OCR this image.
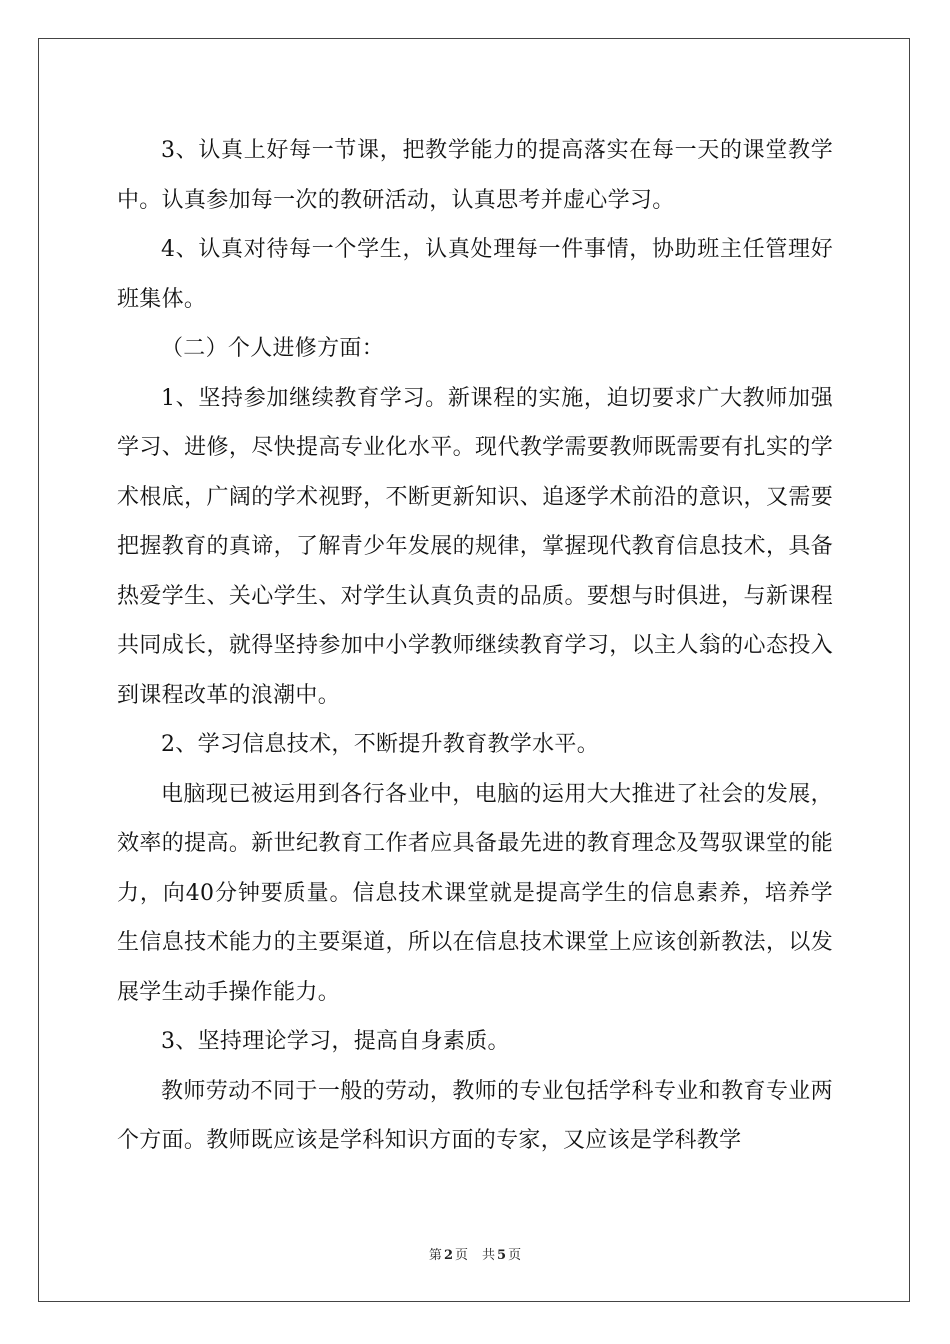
3、认真上好每一节课，把教学能力的提高落实在每一天的课堂教学中。认真参加每一次的教研活动，认真思考并虚心学习。

4、认真对待每一个学生，认真处理每一件事情，协助班主任管理好班集体。

（二）个人进修方面：

1、坚持参加继续教育学习。新课程的实施，迫切要求广大教师加强学习、进修，尽快提高专业化水平。现代教学需要教师既需要有扎实的学术根底，广阔的学术视野，不断更新知识、追逐学术前沿的意识，又需要把握教育的真谛，了解青少年发展的规律，掌握现代教育信息技术，具备热爱学生、关心学生、对学生认真负责的品质。要想与时俱进，与新课程共同成长，就得坚持参加中小学教师继续教育学习，以主人翁的心态投入到课程改革的浪潮中。

2、学习信息技术，不断提升教育教学水平。

电脑现已被运用到各行各业中，电脑的运用大大推进了社会的发展，效率的提高。新世纪教育工作者应具备最先进的教育理念及驾驭课堂的能力，向40分钟要质量。信息技术课堂就是提高学生的信息素养，培养学生信息技术能力的主要渠道，所以在信息技术课堂上应该创新教法，以发展学生动手操作能力。

3、坚持理论学习，提高自身素质。

教师劳动不同于一般的劳动，教师的专业包括学科专业和教育专业两个方面。教师既应该是学科知识方面的专家，又应该是学科教学

第 2 页 共 5 页
